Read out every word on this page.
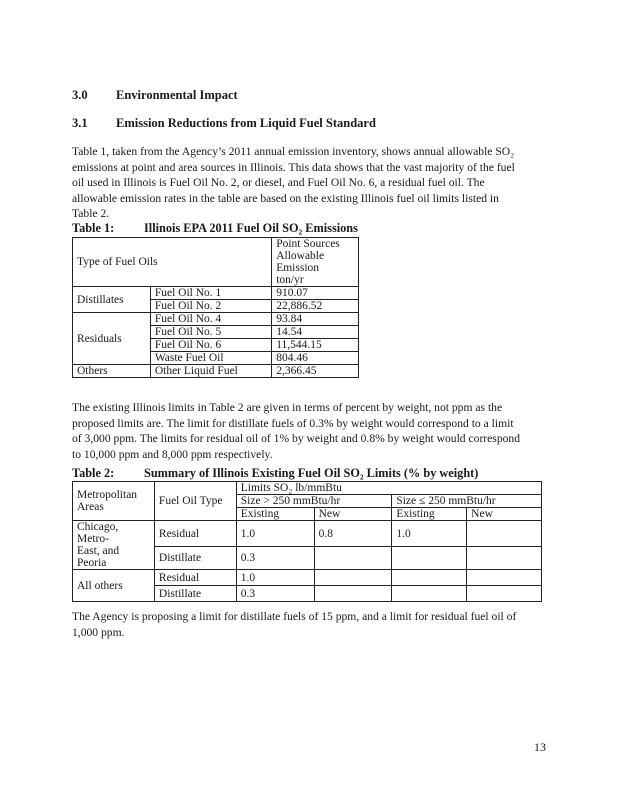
3.0 Environmental Impact
3.1 Emission Reductions from Liquid Fuel Standard
Table 1, taken from the Agency’s 2011 annual emission inventory, shows annual allowable SO₂
emissions at point and area sources in Illinois. This data shows that the vast majority of the fuel
oil used in Illinois is Fuel Oil No. 2, or diesel, and Fuel Oil No. 6, a residual fuel oil. The
allowable emission rates in the table are based on the existing Illinois fuel oil limits listed in
Table 2.
Table 1: Illinois EPA 2011 Fuel Oil SO₂ Emissions
Type of Fuel Oils		Point Sources
Allowable Emission
ton/yr

Distillates	Fuel Oil No. 1	910.07
	Fuel Oil No. 2	22,886.52
Residuals	Fuel Oil No. 4	93.84
	Fuel Oil No. 5	14.54
	Fuel Oil No. 6	11,544.15
	Waste Fuel Oil	804.46
Others	Other Liquid Fuel	2,366.45
The existing Illinois limits in Table 2 are given in terms of percent by weight, not ppm as the
proposed limits are. The limit for distillate fuels of 0.3% by weight would correspond to a limit
of 3,000 ppm. The limits for residual oil of 1% by weight and 0.8% by weight would correspond
to 10,000 ppm and 8,000 ppm respectively.
Table 2: Summary of Illinois Existing Fuel Oil SO₂ Limits (% by weight)
Metropolitan
Areas	Fuel Oil Type	Limits SO₂ lb/mmBtu			
		Size > 250 mmBtu/hr		Size ≤ 250 mmBtu/hr	
		Existing	New	Existing	New

Chicago, Metro-
East, and Peoria	Residual	1.0	0.8	1.0	
	Distillate	0.3			
All others	Residual	1.0			
	Distillate	0.3			
The Agency is proposing a limit for distillate fuels of 15 ppm, and a limit for residual fuel oil of
1,000 ppm.
13
